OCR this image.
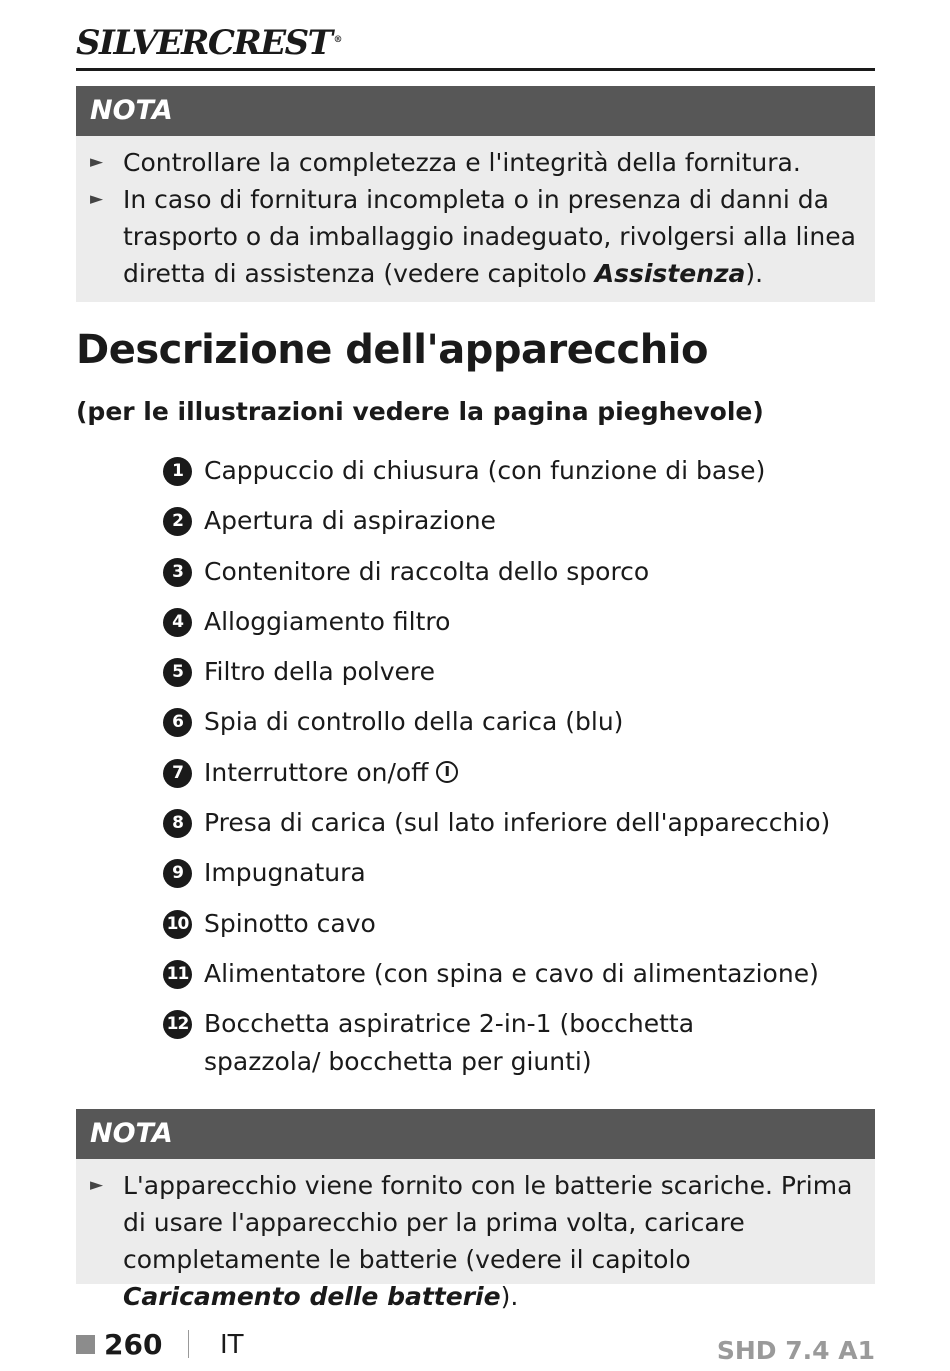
SILVERCREST ®
NOTA
► Controllare la completezza e l'integrità della fornitura.
► In caso di fornitura incompleta o in presenza di danni da trasporto o da imballaggio inadeguato, rivolgersi alla linea diretta di assistenza (vedere capitolo Assistenza).
Descrizione dell'apparecchio
(per le illustrazioni vedere la pagina pieghevole)
1 Cappuccio di chiusura (con funzione di base)
2 Apertura di aspirazione
3 Contenitore di raccolta dello sporco
4 Alloggiamento filtro
5 Filtro della polvere
6 Spia di controllo della carica (blu)
7 Interruttore on/off
8 Presa di carica (sul lato inferiore dell'apparecchio)
9 Impugnatura
10 Spinotto cavo
11 Alimentatore (con spina e cavo di alimentazione)
12 Bocchetta aspiratrice 2-in-1 (bocchetta spazzola/ bocchetta per giunti)
NOTA
► L'apparecchio viene fornito con le batterie scariche. Prima di usare l'apparecchio per la prima volta, caricare completamente le batterie (vedere il capitolo Caricamento delle batterie).
260 IT	SHD 7.4 A1
